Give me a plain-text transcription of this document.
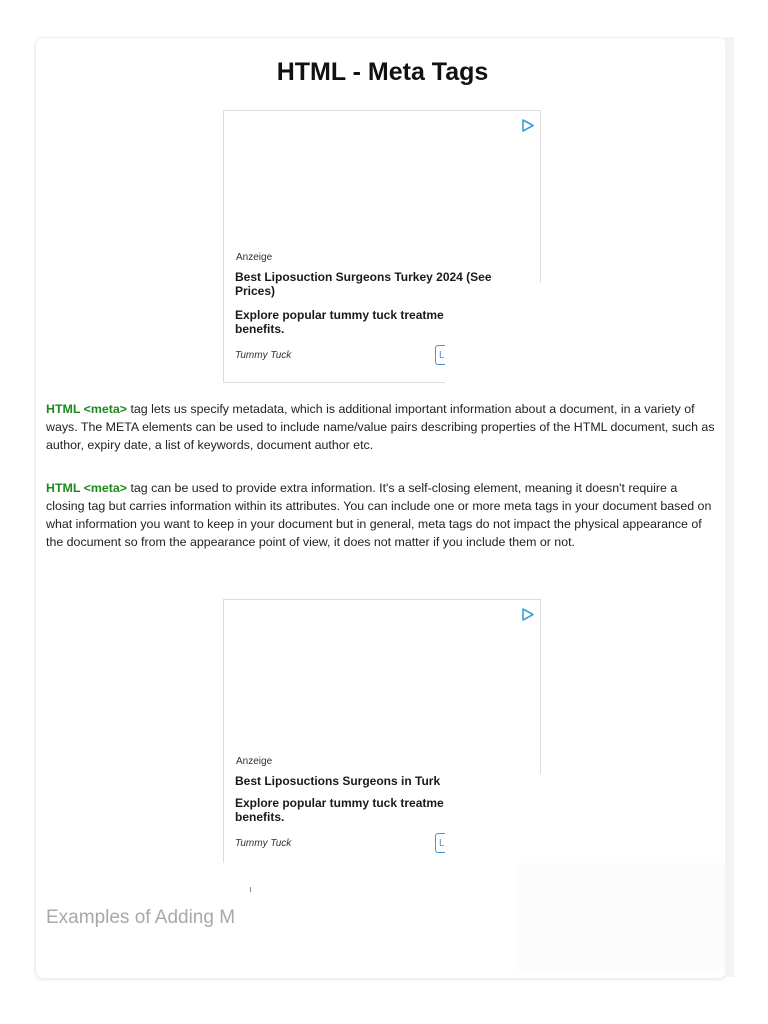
HTML - Meta Tags
Anzeige
Best Liposuction Surgeons Turkey 2024 (See
Prices)
Explore popular tummy tuck treatme
benefits.
Tummy Tuck	L
HTML <meta> tag lets us specify metadata, which is additional important information about a document, in a variety of ways. The META elements can be used to include name/value pairs describing properties of the HTML document, such as author, expiry date, a list of keywords, document author etc.
HTML <meta> tag can be used to provide extra information. It's a self-closing element, meaning it doesn't require a closing tag but carries information within its attributes. You can include one or more meta tags in your document based on what information you want to keep in your document but in general, meta tags do not impact the physical appearance of the document so from the appearance point of view, it does not matter if you include them or not.
Anzeige
Best Liposuctions Surgeons in Turk
Explore popular tummy tuck treatme
benefits.
Tummy Tuck	L
Examples of Adding M
